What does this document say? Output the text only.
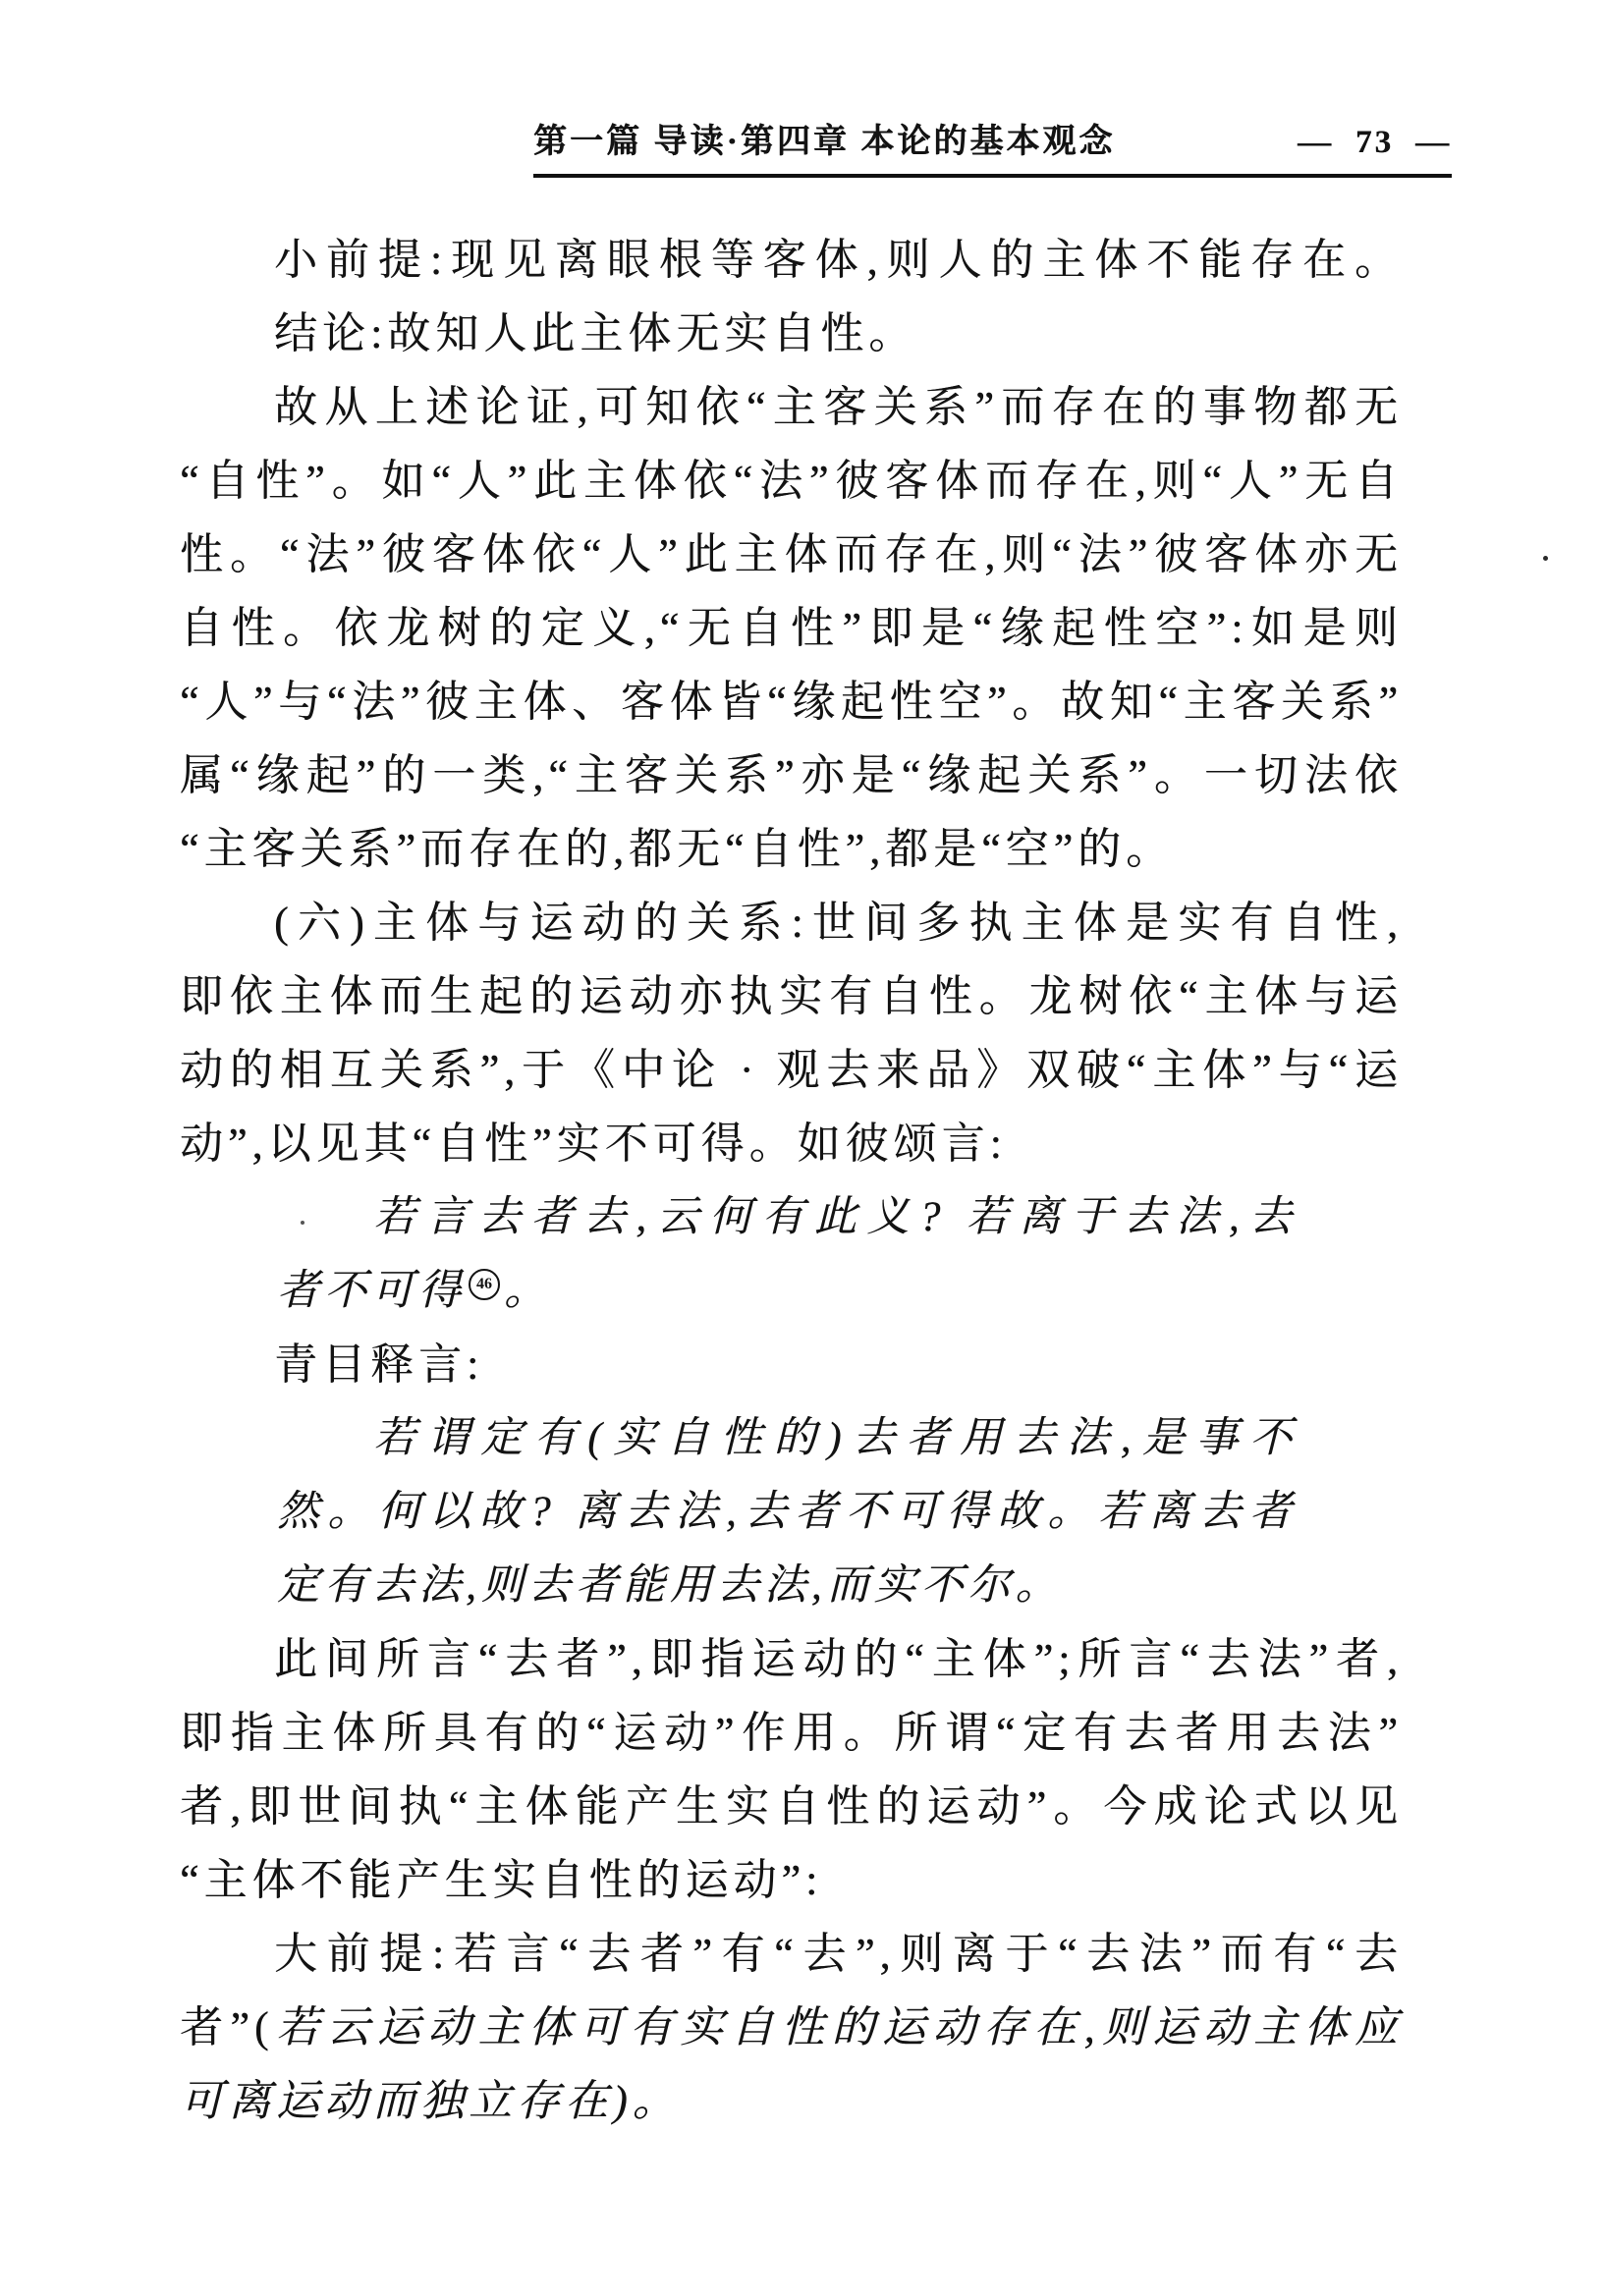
第一篇 导读·第四章 本论的基本观念	— 73 —
小前提:现见离眼根等客体,则人的主体不能存在。
结论:故知人此主体无实自性。
故从上述论证,可知依“主客关系”而存在的事物都无
“自性”。如“人”此主体依“法”彼客体而存在,则“人”无自
性。“法”彼客体依“人”此主体而存在,则“法”彼客体亦无
自性。依龙树的定义,“无自性”即是“缘起性空”:如是则
“人”与“法”彼主体、客体皆“缘起性空”。故知“主客关系”
属“缘起”的一类,“主客关系”亦是“缘起关系”。一切法依
“主客关系”而存在的,都无“自性”,都是“空”的。
(六)主体与运动的关系:世间多执主体是实有自性,
即依主体而生起的运动亦执实有自性。龙树依“主体与运
动的相互关系”,于《中论 · 观去来品》双破“主体”与“运
动”,以见其“自性”实不可得。如彼颂言:
若言去者去,云何有此义? 若离于去法,去
者不可得 46 。
青目释言:
若谓定有(实自性的)去者用去法,是事不
然。何以故? 离去法,去者不可得故。若离去者
定有去法,则去者能用去法,而实不尔。
此间所言“去者”,即指运动的“主体”;所言“去法”者,
即指主体所具有的“运动”作用。所谓“定有去者用去法”
者,即世间执“主体能产生实自性的运动”。今成论式以见
“主体不能产生实自性的运动”:
大前提:若言“去者”有“去”,则离于“去法”而有“去
者”(若云运动主体可有实自性的运动存在,则运动主体应
可离运动而独立存在)。
